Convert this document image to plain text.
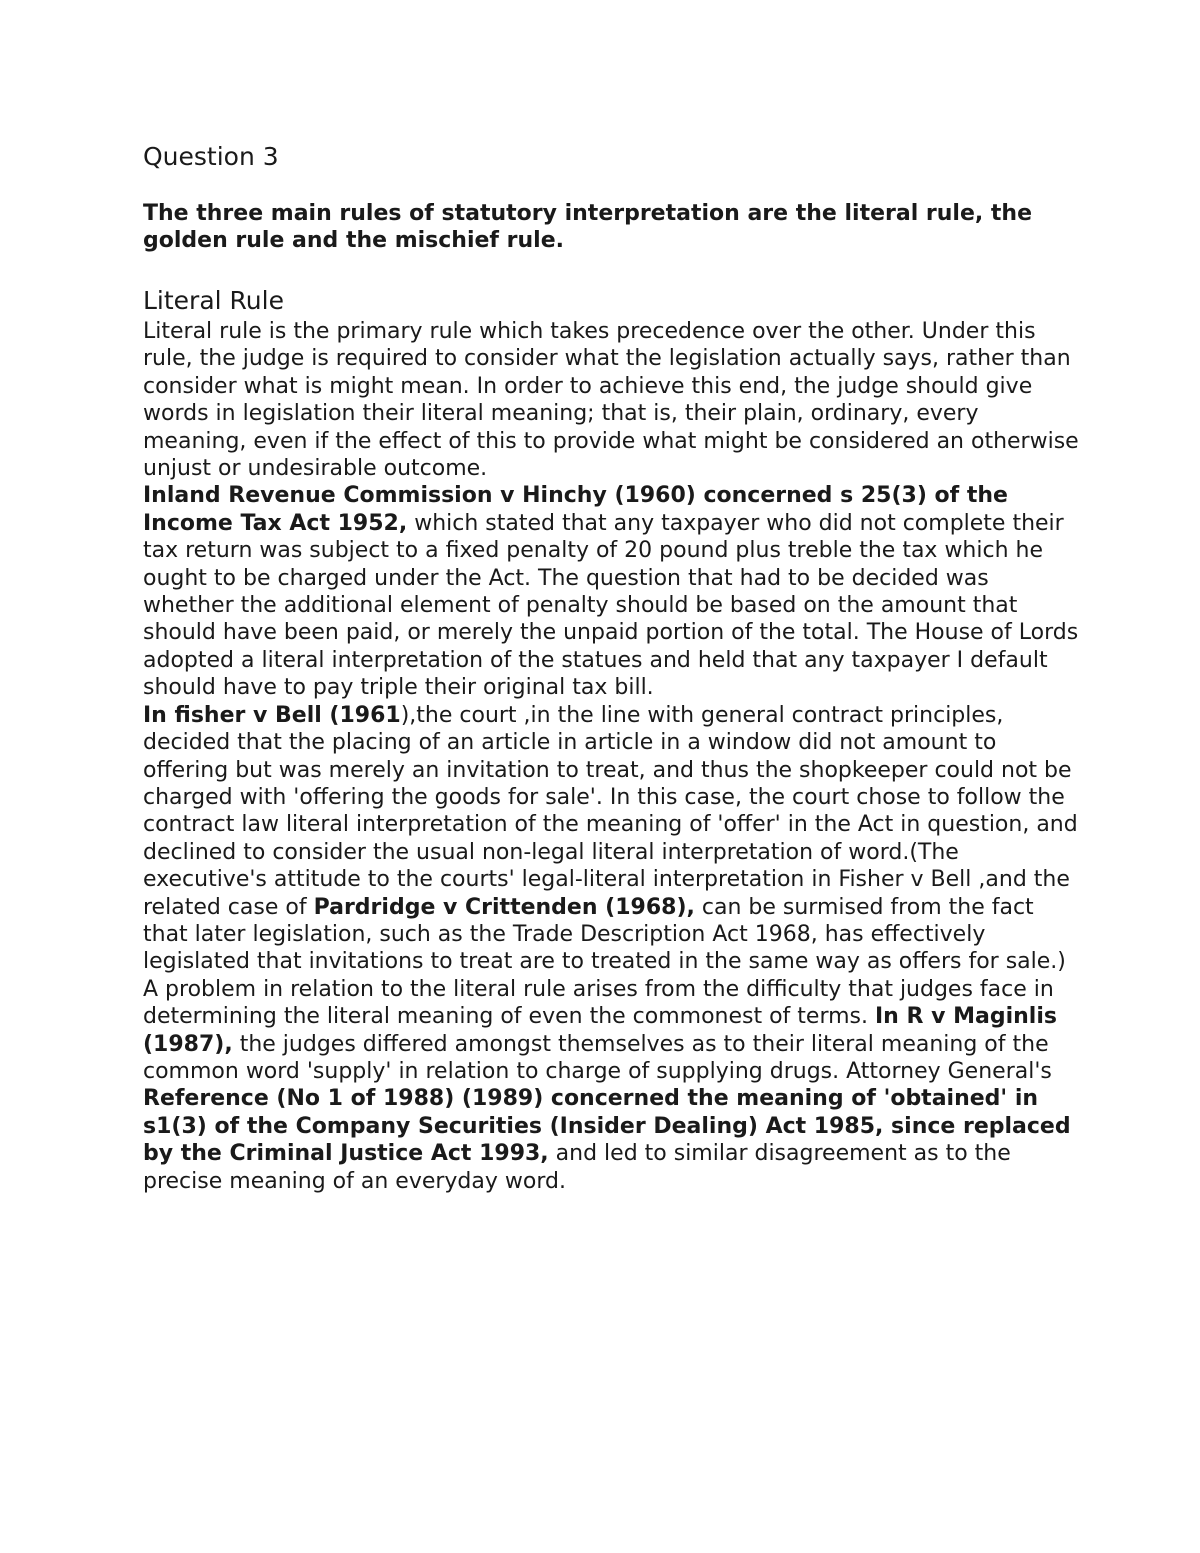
Question 3

The three main rules of statutory interpretation are the literal rule, the golden rule and the mischief rule.

Literal Rule

Literal rule is the primary rule which takes precedence over the other. Under this rule, the judge is required to consider what the legislation actually says, rather than consider what is might mean. In order to achieve this end, the judge should give words in legislation their literal meaning; that is, their plain, ordinary, every meaning, even if the effect of this to provide what might be considered an otherwise unjust or undesirable outcome.

Inland Revenue Commission v Hinchy (1960) concerned s 25(3) of the Income Tax Act 1952, which stated that any taxpayer who did not complete their tax return was subject to a fixed penalty of 20 pound plus treble the tax which he ought to be charged under the Act. The question that had to be decided was whether the additional element of penalty should be based on the amount that should have been paid, or merely the unpaid portion of the total. The House of Lords adopted a literal interpretation of the statues and held that any taxpayer I default should have to pay triple their original tax bill.

In fisher v Bell (1961),the court ,in the line with general contract principles, decided that the placing of an article in article in a window did not amount to offering but was merely an invitation to treat, and thus the shopkeeper could not be charged with 'offering the goods for sale'. In this case, the court chose to follow the contract law literal interpretation of the meaning of 'offer' in the Act in question, and declined to consider the usual non-legal literal interpretation of word.(The executive's attitude to the courts' legal-literal interpretation in Fisher v Bell ,and the related case of Pardridge v Crittenden (1968), can be surmised from the fact that later legislation, such as the Trade Description Act 1968, has effectively legislated that invitations to treat are to treated in the same way as offers for sale.)

A problem in relation to the literal rule arises from the difficulty that judges face in determining the literal meaning of even the commonest of terms. In R v Maginlis (1987), the judges differed amongst themselves as to their literal meaning of the common word 'supply' in relation to charge of supplying drugs. Attorney General's Reference (No 1 of 1988) (1989) concerned the meaning of 'obtained' in s1(3) of the Company Securities (Insider Dealing) Act 1985, since replaced by the Criminal Justice Act 1993, and led to similar disagreement as to the precise meaning of an everyday word.
